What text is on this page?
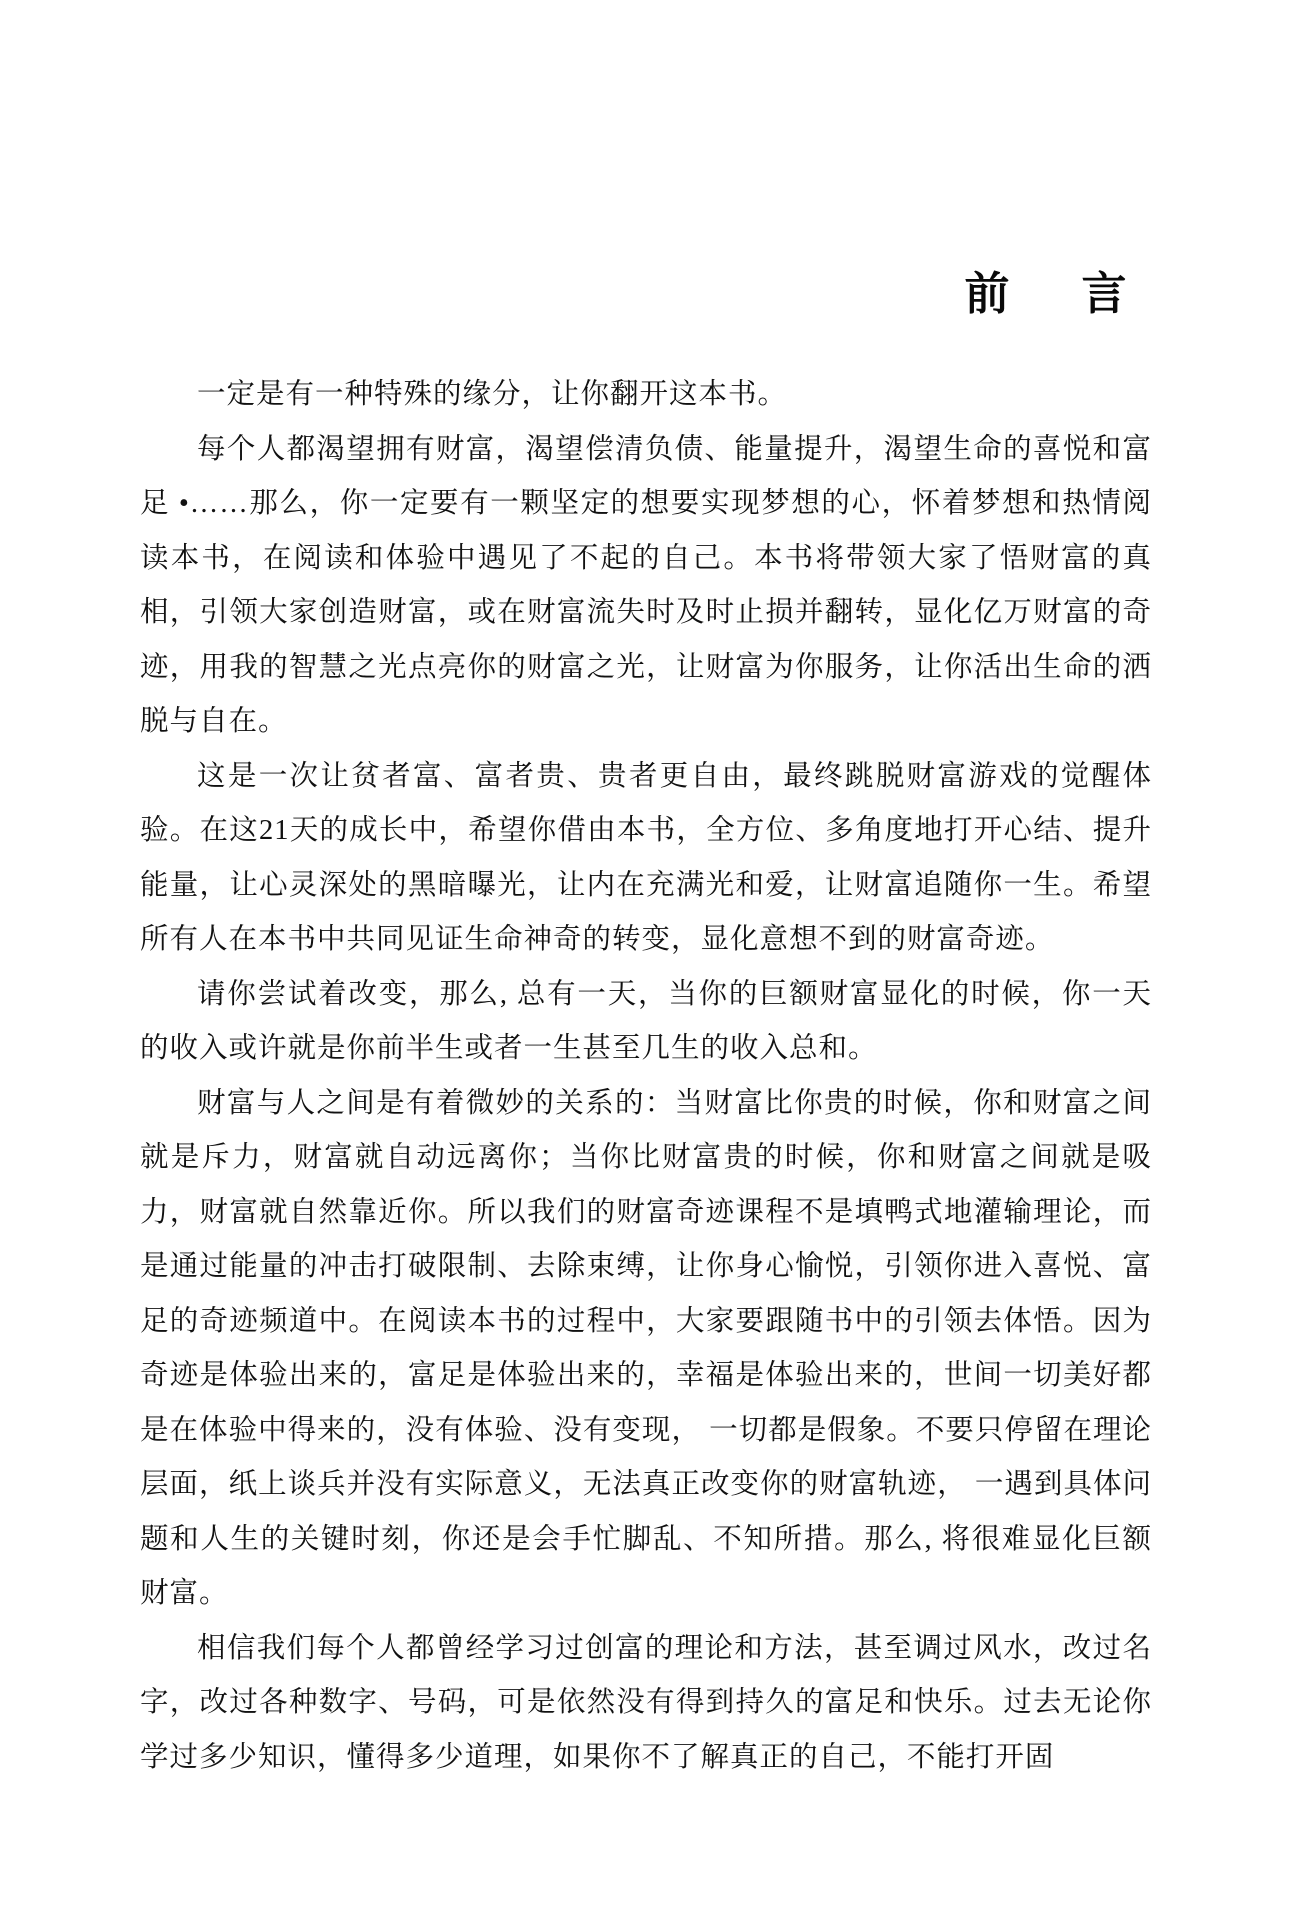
前　言

一定是有一种特殊的缘分，让你翻开这本书。

每个人都渴望拥有财富，渴望偿清负债、能量提升，渴望生命的喜悦和富足 •……那么，你一定要有一颗坚定的想要实现梦想的心，怀着梦想和热情阅读本书，在阅读和体验中遇见了不起的自己。本书将带领大家了悟财富的真相，引领大家创造财富，或在财富流失时及时止损并翻转，显化亿万财富的奇迹，用我的智慧之光点亮你的财富之光，让财富为你服务，让你活出生命的洒脱与自在。

这是一次让贫者富、富者贵、贵者更自由，最终跳脱财富游戏的觉醒体验。在这21天的成长中，希望你借由本书，全方位、多角度地打开心结、提升能量，让心灵深处的黑暗曝光，让内在充满光和爱，让财富追随你一生。希望所有人在本书中共同见证生命神奇的转变，显化意想不到的财富奇迹。

请你尝试着改变，那么, 总有一天，当你的巨额财富显化的时候，你一天的收入或许就是你前半生或者一生甚至几生的收入总和。

财富与人之间是有着微妙的关系的：当财富比你贵的时候，你和财富之间就是斥力，财富就自动远离你；当你比财富贵的时候，你和财富之间就是吸力，财富就自然靠近你。所以我们的财富奇迹课程不是填鸭式地灌输理论，而是通过能量的冲击打破限制、去除束缚，让你身心愉悦，引领你进入喜悦、富足的奇迹频道中。在阅读本书的过程中，大家要跟随书中的引领去体悟。因为奇迹是体验出来的，富足是体验出来的，幸福是体验出来的，世间一切美好都是在体验中得来的，没有体验、没有变现， 一切都是假象。不要只停留在理论层面，纸上谈兵并没有实际意义，无法真正改变你的财富轨迹， 一遇到具体问题和人生的关键时刻，你还是会手忙脚乱、不知所措。那么, 将很难显化巨额财富。

相信我们每个人都曾经学习过创富的理论和方法，甚至调过风水，改过名字，改过各种数字、号码，可是依然没有得到持久的富足和快乐。过去无论你学过多少知识，懂得多少道理，如果你不了解真正的自己，不能打开固
